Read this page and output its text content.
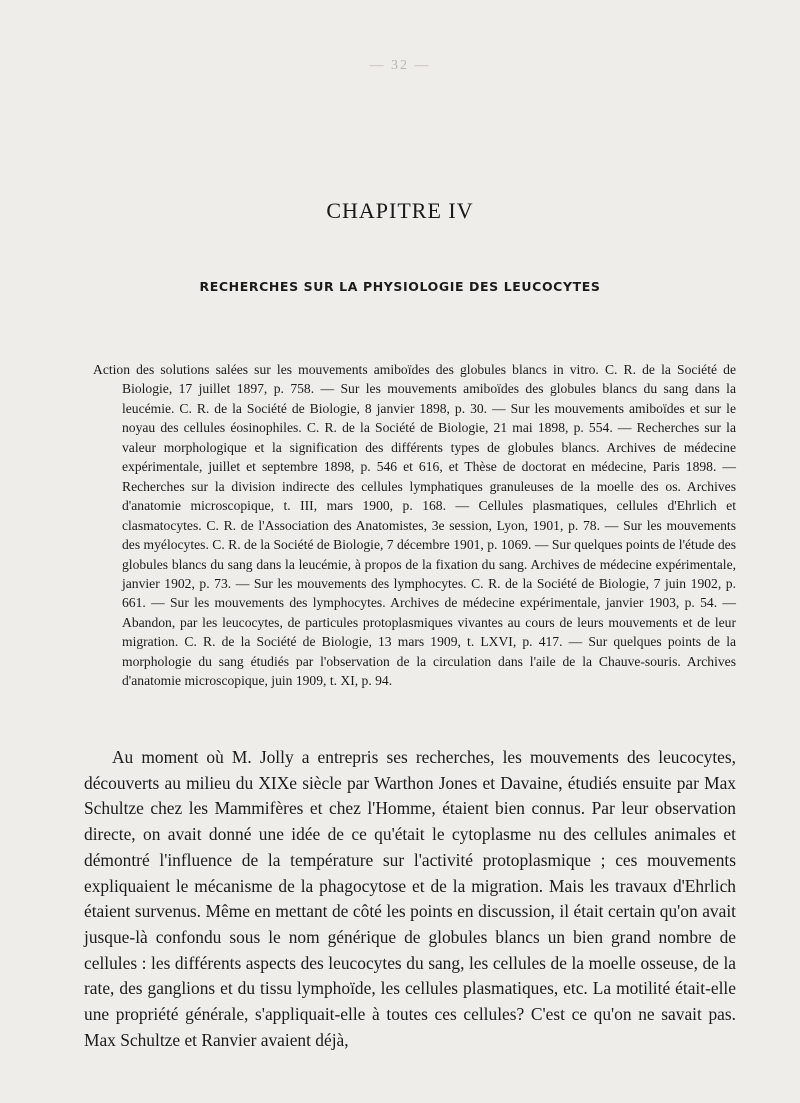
— 32 —
CHAPITRE IV
RECHERCHES SUR LA PHYSIOLOGIE DES LEUCOCYTES

Action des solutions salées sur les mouvements amiboïdes des globules blancs in vitro. C. R. de la Société de Biologie, 17 juillet 1897, p. 758. — Sur les mouvements amiboïdes des globules blancs du sang dans la leucémie. C. R. de la Société de Biologie, 8 janvier 1898, p. 30. — Sur les mouvements amiboïdes et sur le noyau des cellules éosinophiles. C. R. de la Société de Biologie, 21 mai 1898, p. 554. — Recherches sur la valeur morphologique et la signification des différents types de globules blancs. Archives de médecine expérimentale, juillet et septembre 1898, p. 546 et 616, et Thèse de doctorat en médecine, Paris 1898. — Recherches sur la division indirecte des cellules lymphatiques granuleuses de la moelle des os. Archives d'anatomie microscopique, t. III, mars 1900, p. 168. — Cellules plasmatiques, cellules d'Ehrlich et clasmatocytes. C. R. de l'Association des Anatomistes, 3e session, Lyon, 1901, p. 78. — Sur les mouvements des myélocytes. C. R. de la Société de Biologie, 7 décembre 1901, p. 1069. — Sur quelques points de l'étude des globules blancs du sang dans la leucémie, à propos de la fixation du sang. Archives de médecine expérimentale, janvier 1902, p. 73. — Sur les mouvements des lymphocytes. C. R. de la Société de Biologie, 7 juin 1902, p. 661. — Sur les mouvements des lymphocytes. Archives de médecine expérimentale, janvier 1903, p. 54. — Abandon, par les leucocytes, de particules protoplasmiques vivantes au cours de leurs mouvements et de leur migration. C. R. de la Société de Biologie, 13 mars 1909, t. LXVI, p. 417. — Sur quelques points de la morphologie du sang étudiés par l'observation de la circulation dans l'aile de la Chauve-souris. Archives d'anatomie microscopique, juin 1909, t. XI, p. 94.

Au moment où M. Jolly a entrepris ses recherches, les mouvements des leucocytes, découverts au milieu du XIXe siècle par Warthon Jones et Davaine, étudiés ensuite par Max Schultze chez les Mammifères et chez l'Homme, étaient bien connus. Par leur observation directe, on avait donné une idée de ce qu'était le cytoplasme nu des cellules animales et démontré l'influence de la température sur l'activité protoplasmique ; ces mouvements expliquaient le mécanisme de la phagocytose et de la migration. Mais les travaux d'Ehrlich étaient survenus. Même en mettant de côté les points en discussion, il était certain qu'on avait jusque-là confondu sous le nom générique de globules blancs un bien grand nombre de cellules : les différents aspects des leucocytes du sang, les cellules de la moelle osseuse, de la rate, des ganglions et du tissu lymphoïde, les cellules plasmatiques, etc. La motilité était-elle une propriété générale, s'appliquait-elle à toutes ces cellules? C'est ce qu'on ne savait pas. Max Schultze et Ranvier avaient déjà,
